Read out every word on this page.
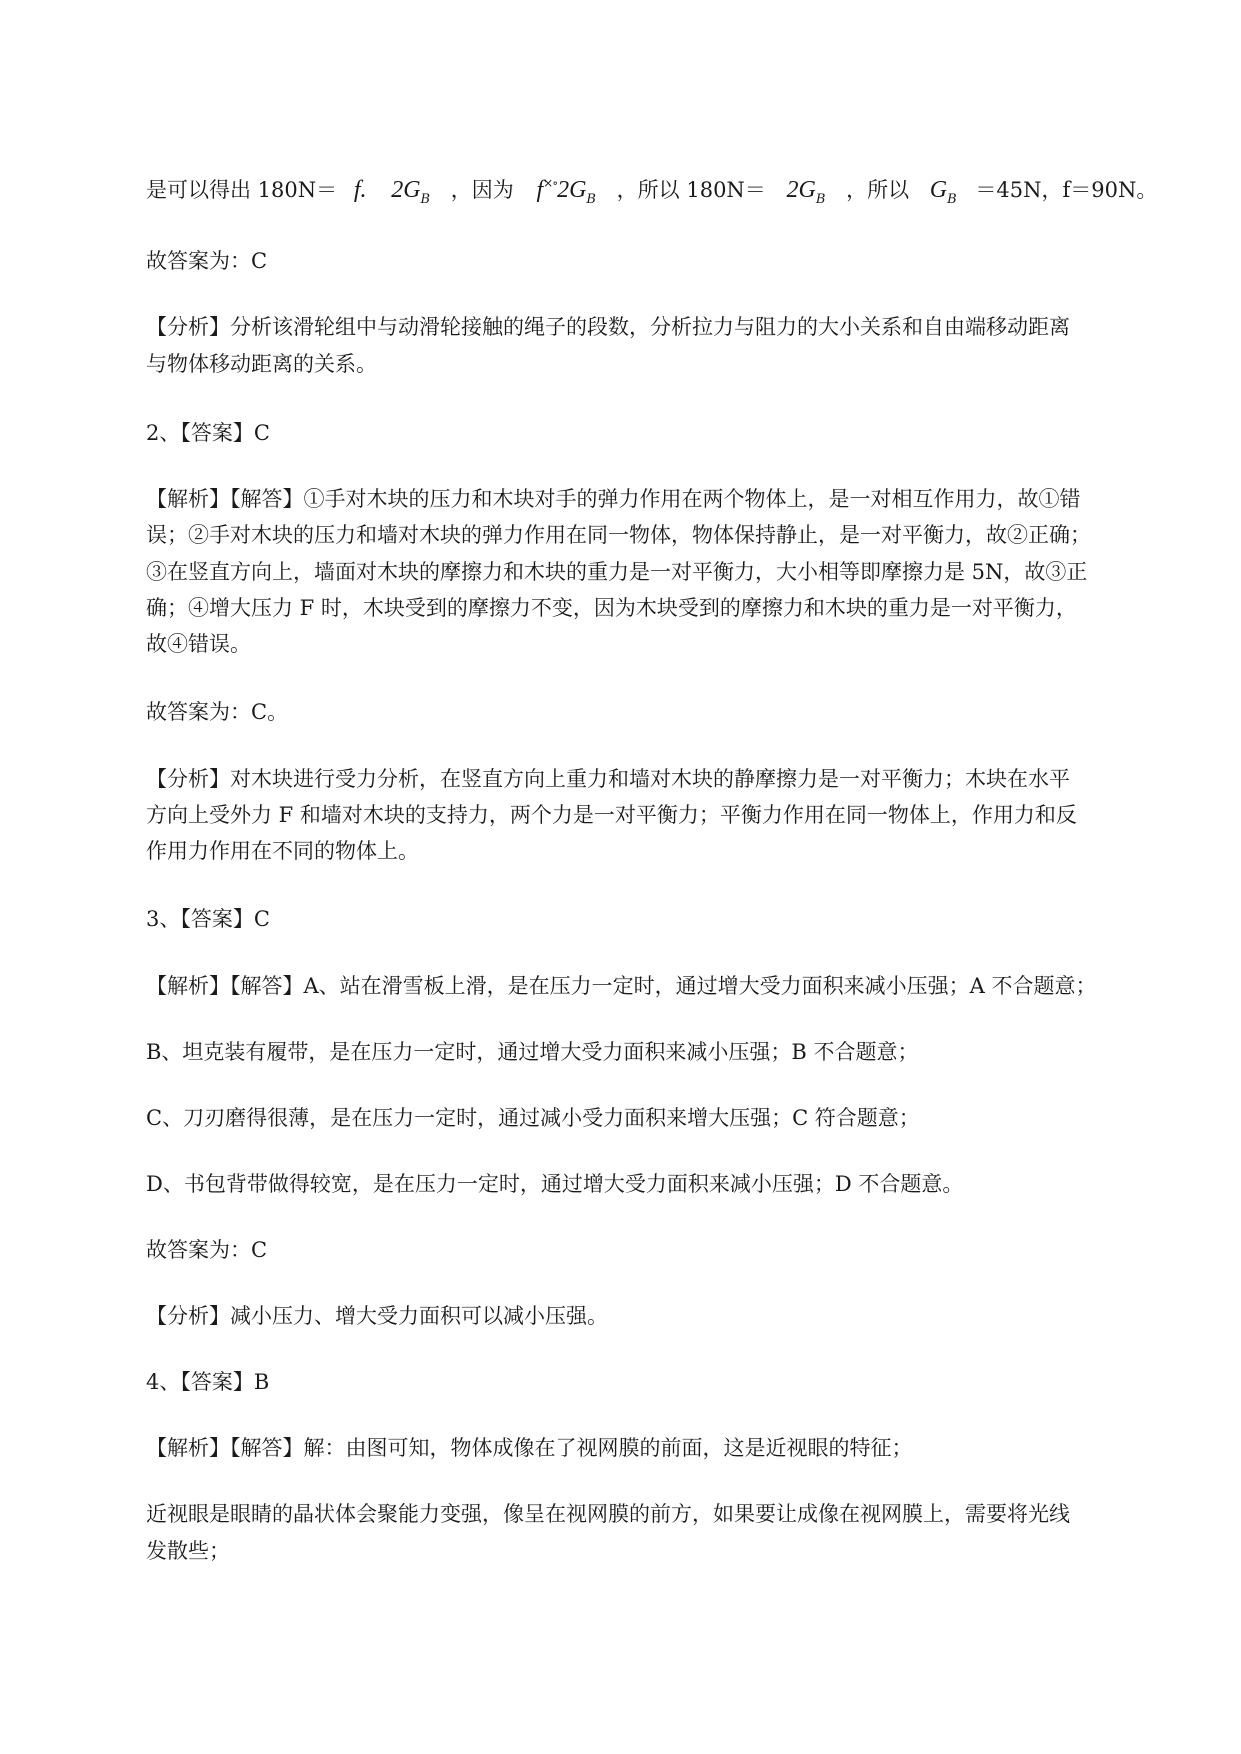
是可以得出 180N＝ f. $2G_B$ ，因为 $f^{\times\circ}2G_B$ ，所以 $180N= 2G_B$ ，所以 $G_B =45N$，f＝90N。
故答案为：C
【分析】分析该滑轮组中与动滑轮接触的绳子的段数，分析拉力与阻力的大小关系和自由端移动距离
与物体移动距离的关系。
2、【答案】C
【解析】【解答】①手对木块的压力和木块对手的弹力作用在两个物体上，是一对相互作用力，故①错
误；②手对木块的压力和墙对木块的弹力作用在同一物体，物体保持静止，是一对平衡力，故②正确；
③在竖直方向上，墙面对木块的摩擦力和木块的重力是一对平衡力，大小相等即摩擦力是 5N，故③正
确；④增大压力 F 时，木块受到的摩擦力不变，因为木块受到的摩擦力和木块的重力是一对平衡力，
故④错误。
故答案为：C。
【分析】对木块进行受力分析，在竖直方向上重力和墙对木块的静摩擦力是一对平衡力；木块在水平
方向上受外力 F 和墙对木块的支持力，两个力是一对平衡力；平衡力作用在同一物体上，作用力和反
作用力作用在不同的物体上。
3、【答案】C
【解析】【解答】A、站在滑雪板上滑，是在压力一定时，通过增大受力面积来减小压强；A 不合题意；
B、坦克装有履带，是在压力一定时，通过增大受力面积来减小压强；B 不合题意；
C、刀刃磨得很薄，是在压力一定时，通过减小受力面积来增大压强；C 符合题意；
D、书包背带做得较宽，是在压力一定时，通过增大受力面积来减小压强；D 不合题意。
故答案为：C
【分析】减小压力、增大受力面积可以减小压强。
4、【答案】B
【解析】【解答】解：由图可知，物体成像在了视网膜的前面，这是近视眼的特征；
近视眼是眼睛的晶状体会聚能力变强，像呈在视网膜的前方，如果要让成像在视网膜上，需要将光线
发散些；
